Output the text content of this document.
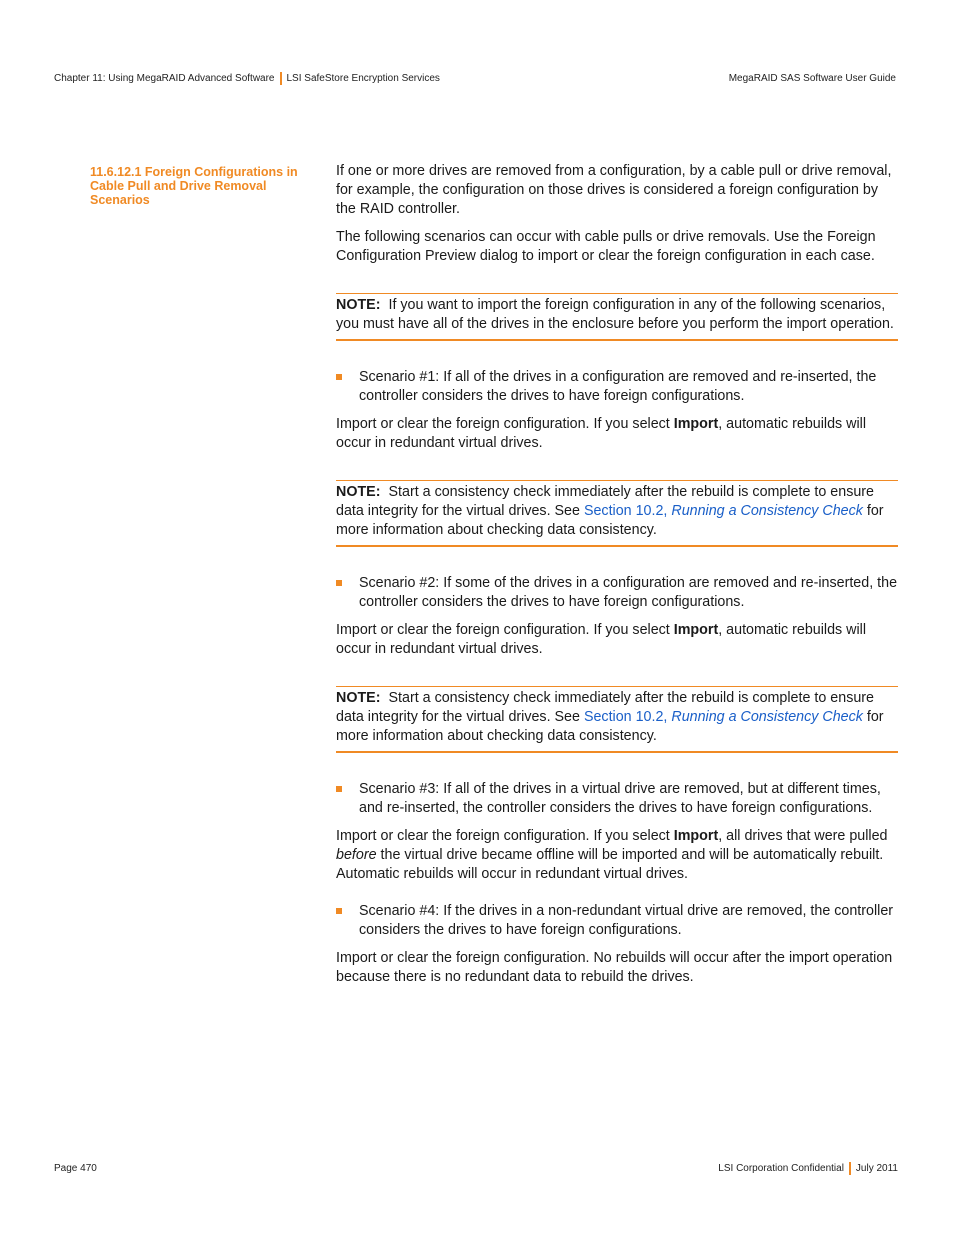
Chapter 11: Using MegaRAID Advanced Software LSI SafeStore Encryption Services	MegaRAID SAS Software User Guide
11.6.12.1 Foreign Configurations in Cable Pull and Drive Removal Scenarios

If one or more drives are removed from a configuration, by a cable pull or drive removal, for example, the configuration on those drives is considered a foreign configuration by the RAID controller.

The following scenarios can occur with cable pulls or drive removals. Use the Foreign Configuration Preview dialog to import or clear the foreign configuration in each case.

NOTE: If you want to import the foreign configuration in any of the following scenarios, you must have all of the drives in the enclosure before you perform the import operation.
Scenario #1: If all of the drives in a configuration are removed and re-inserted, the controller considers the drives to have foreign configurations.

Import or clear the foreign configuration. If you select Import, automatic rebuilds will occur in redundant virtual drives.

NOTE: Start a consistency check immediately after the rebuild is complete to ensure data integrity for the virtual drives. See Section 10.2, Running a Consistency Check for more information about checking data consistency.
Scenario #2: If some of the drives in a configuration are removed and re-inserted, the controller considers the drives to have foreign configurations.

Import or clear the foreign configuration. If you select Import, automatic rebuilds will occur in redundant virtual drives.

NOTE: Start a consistency check immediately after the rebuild is complete to ensure data integrity for the virtual drives. See Section 10.2, Running a Consistency Check for more information about checking data consistency.
Scenario #3: If all of the drives in a virtual drive are removed, but at different times, and re-inserted, the controller considers the drives to have foreign configurations.

Import or clear the foreign configuration. If you select Import, all drives that were pulled before the virtual drive became offline will be imported and will be automatically rebuilt. Automatic rebuilds will occur in redundant virtual drives.

Scenario #4: If the drives in a non-redundant virtual drive are removed, the controller considers the drives to have foreign configurations.

Import or clear the foreign configuration. No rebuilds will occur after the import operation because there is no redundant data to rebuild the drives.

Page 470	LSI Corporation Confidential July 2011
